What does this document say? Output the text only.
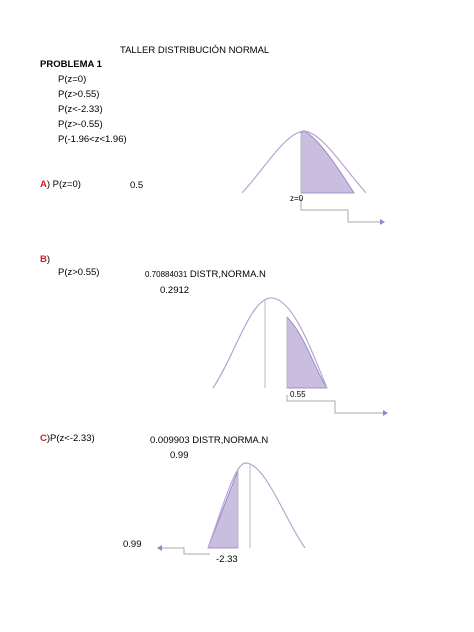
TALLER DISTRIBUCIÓN NORMAL
PROBLEMA 1
P(z=0)
P(z>0.55)
P(z<-2.33)
P(z>-0.55)
P(-1.96<z<1.96)
A) P(z=0)	0.5
z=0
B)
P(z>0.55)	0.70884031 DISTR,NORMA.N
0.2912
0.55
C)P(z<-2.33)	0.009903 DISTR,NORMA.N
0.99
0.99
-2.33
